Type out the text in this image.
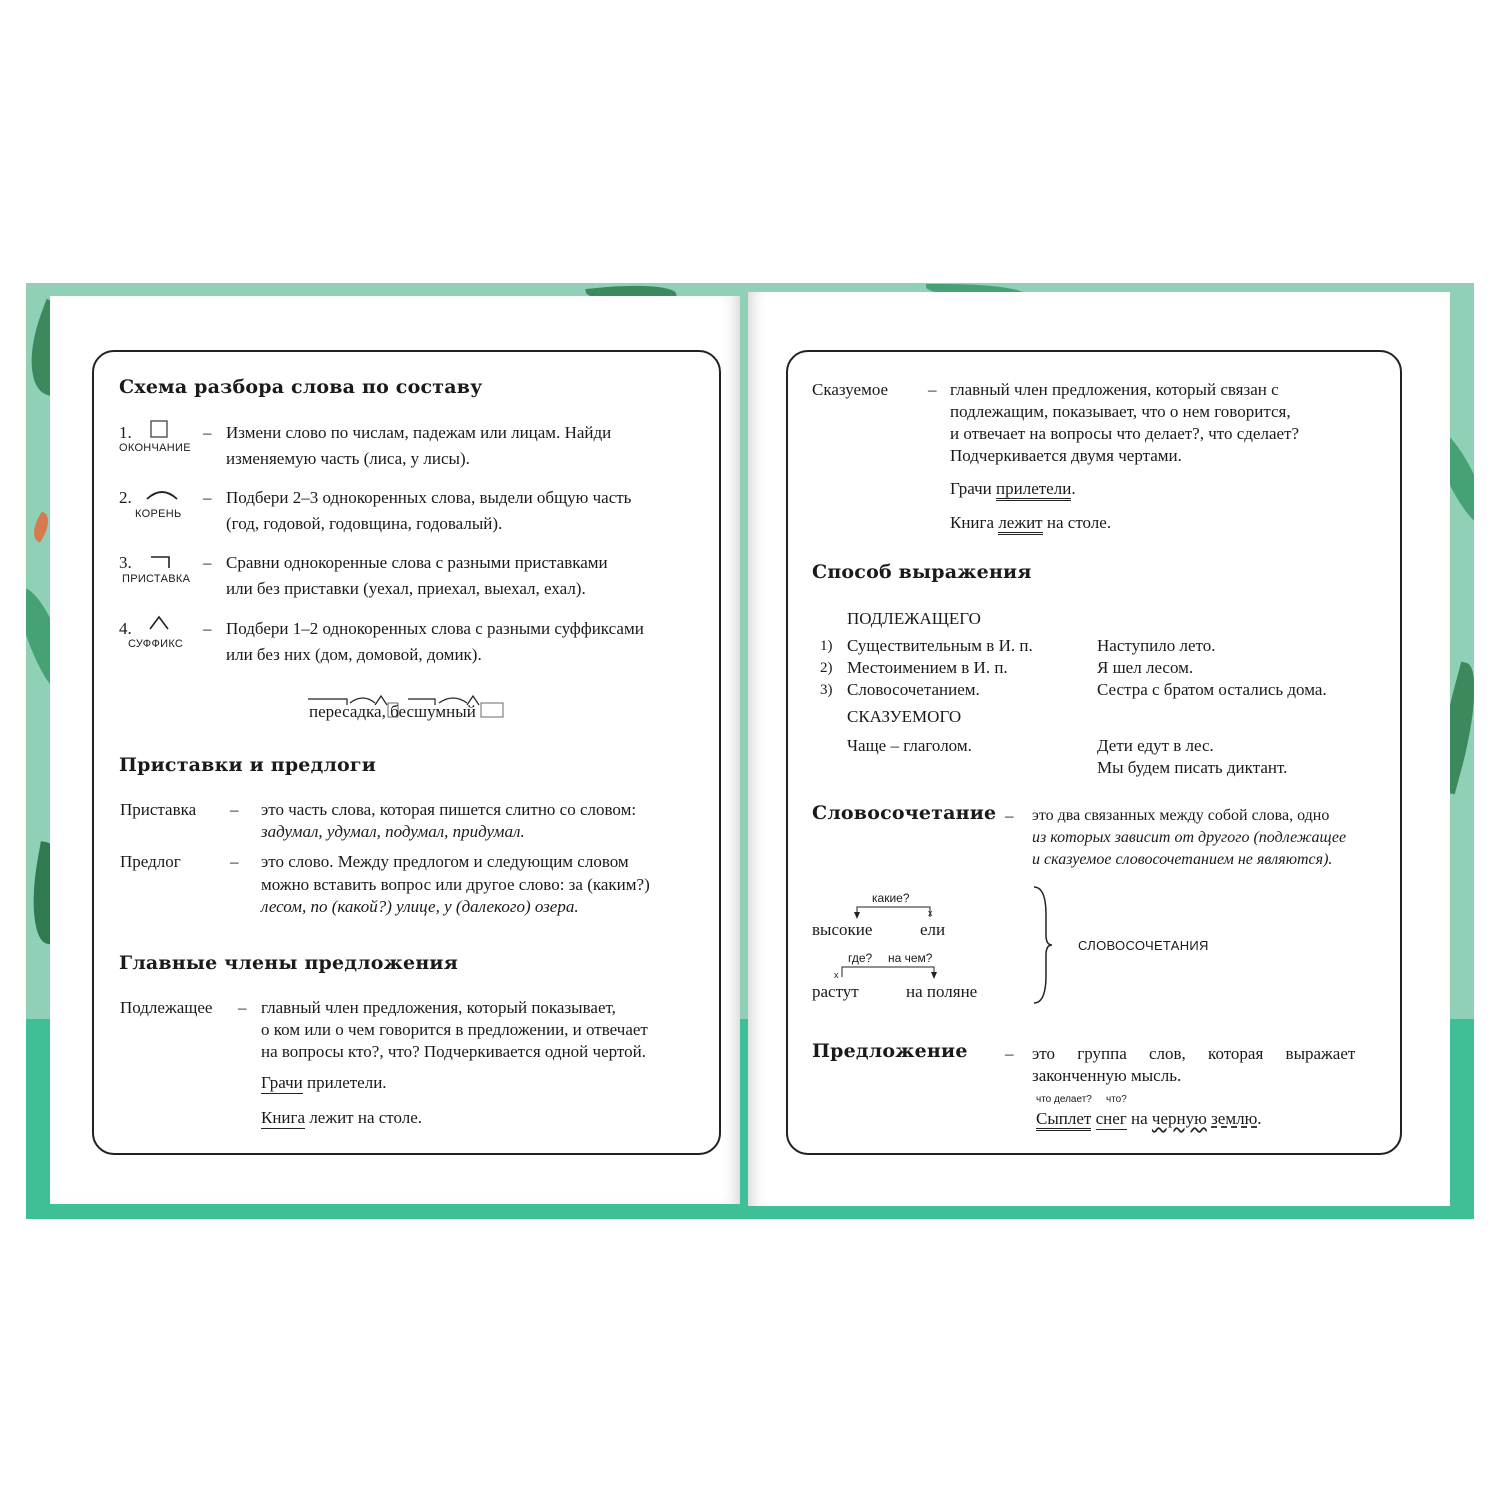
Схема разбора слова по составу
1.
ОКОНЧАНИЕ
– Измени слово по числам, падежам или лицам. Найди
изменяемую часть (лиса, у лисы).
2.
КОРЕНЬ
– Подбери 2–3 однокоренных слова, выдели общую часть
(год, годовой, годовщина, годовалый).
3.
ПРИСТАВКА
– Сравни однокоренные слова с разными приставками
или без приставки (уехал, приехал, выехал, ехал).
4.
СУФФИКС
– Подбери 1–2 однокоренных слова с разными суффиксами
или без них (дом, домовой, домик).
пересадка, бесшумный
Приставки и предлоги
Приставка – это часть слова, которая пишется слитно со словом:
задумал, удумал, подумал, придумал.
Предлог	– это слово. Между предлогом и следующим словом
можно вставить вопрос или другое слово: за (каким?)
лесом, по (какой?) улице, у (далекого) озера.
Главные члены предложения
Подлежащее – главный член предложения, который показывает,
о ком или о чем говорится в предложении, и отвечает
на вопросы кто?, что? Подчеркивается одной чертой.
Грачи прилетели.
Книга лежит на столе.
Сказуемое – главный член предложения, который связан с
подлежащим, показывает, что о нем говорится,
и отвечает на вопросы что делает?, что сделает?
Подчеркивается двумя чертами.
Грачи прилетели.
Книга лежит на столе.
Способ выражения
ПОДЛЕЖАЩЕГО
1) Существительным в И. п.	Наступило лето.
2) Местоимением в И. п.	Я шел лесом.
3) Словосочетанием.	Сестра с братом остались дома.
СКАЗУЕМОГО
Чаще – глаголом.	Дети едут в лес.
Мы будем писать диктант.
Словосочетание – это два связанных между собой слова, одно
из которых зависит от другого (подлежащее
и сказуемое словосочетанием не являются).
какие?
x
высокие	ели
где? на чем?
x
растут	на поляне
СЛОВОСОЧЕТАНИЯ
Предложение – это группа слов, которая выражает
законченную мысль.
что делает? что?
Сыплет снег на черную землю.
